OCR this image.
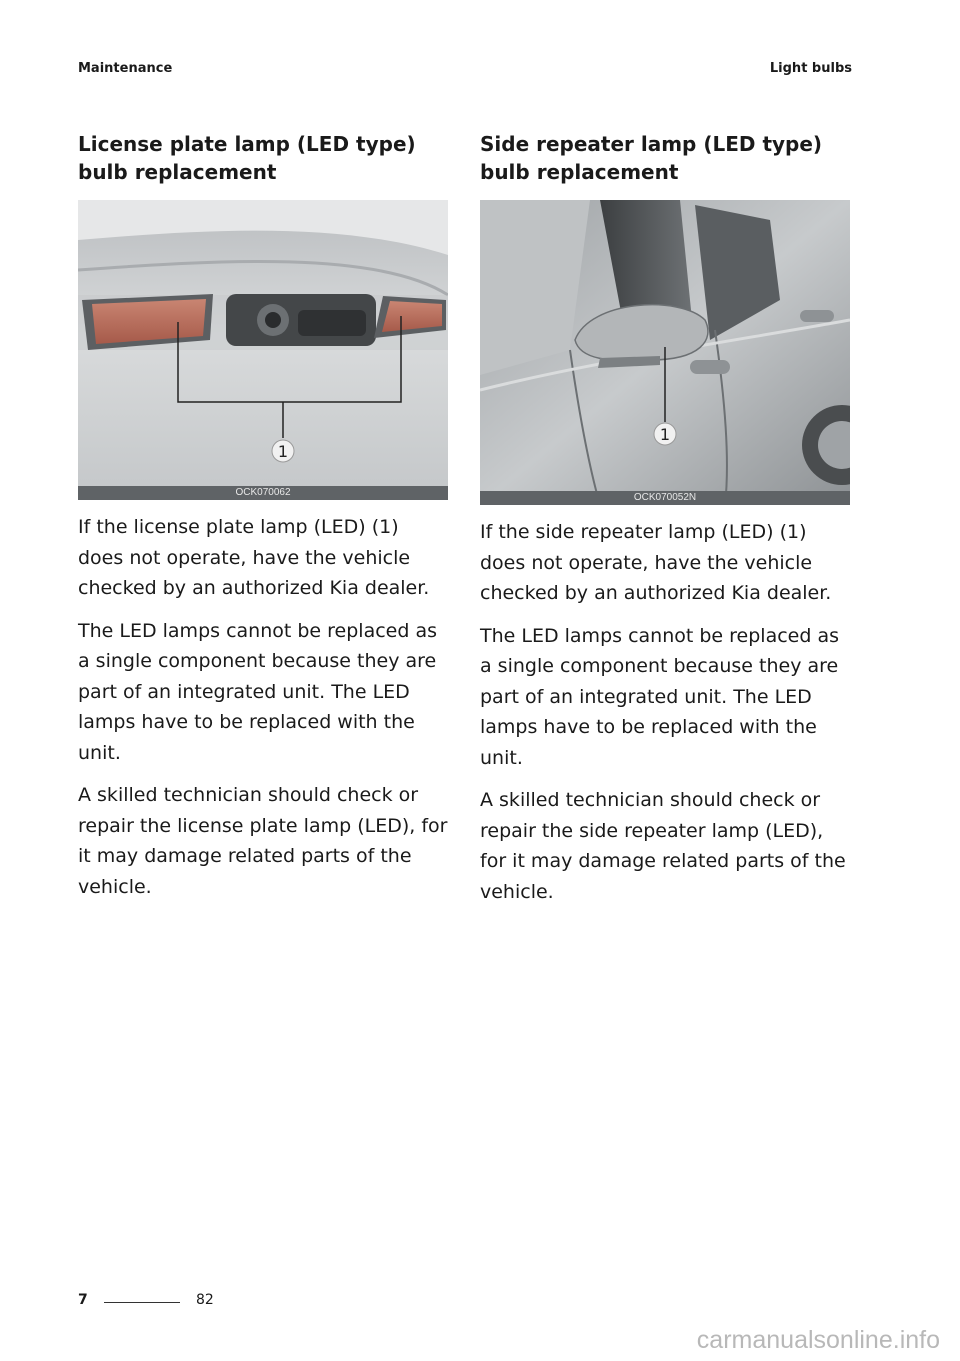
Maintenance	Light bulbs
License plate lamp (LED type) bulb replacement
1
OCK070062

If the license plate lamp (LED) (1) does not operate, have the vehicle checked by an authorized Kia dealer.

The LED lamps cannot be replaced as a single component because they are part of an integrated unit. The LED lamps have to be replaced with the unit.

A skilled technician should check or repair the license plate lamp (LED), for it may damage related parts of the vehicle.

Side repeater lamp (LED type) bulb replacement
1
OCK070052N

If the side repeater lamp (LED) (1) does not operate, have the vehicle checked by an authorized Kia dealer.

The LED lamps cannot be replaced as a single component because they are part of an integrated unit. The LED lamps have to be replaced with the unit.

A skilled technician should check or repair the side repeater lamp (LED), for it may damage related parts of the vehicle.

7	82
carmanualsonline.info
